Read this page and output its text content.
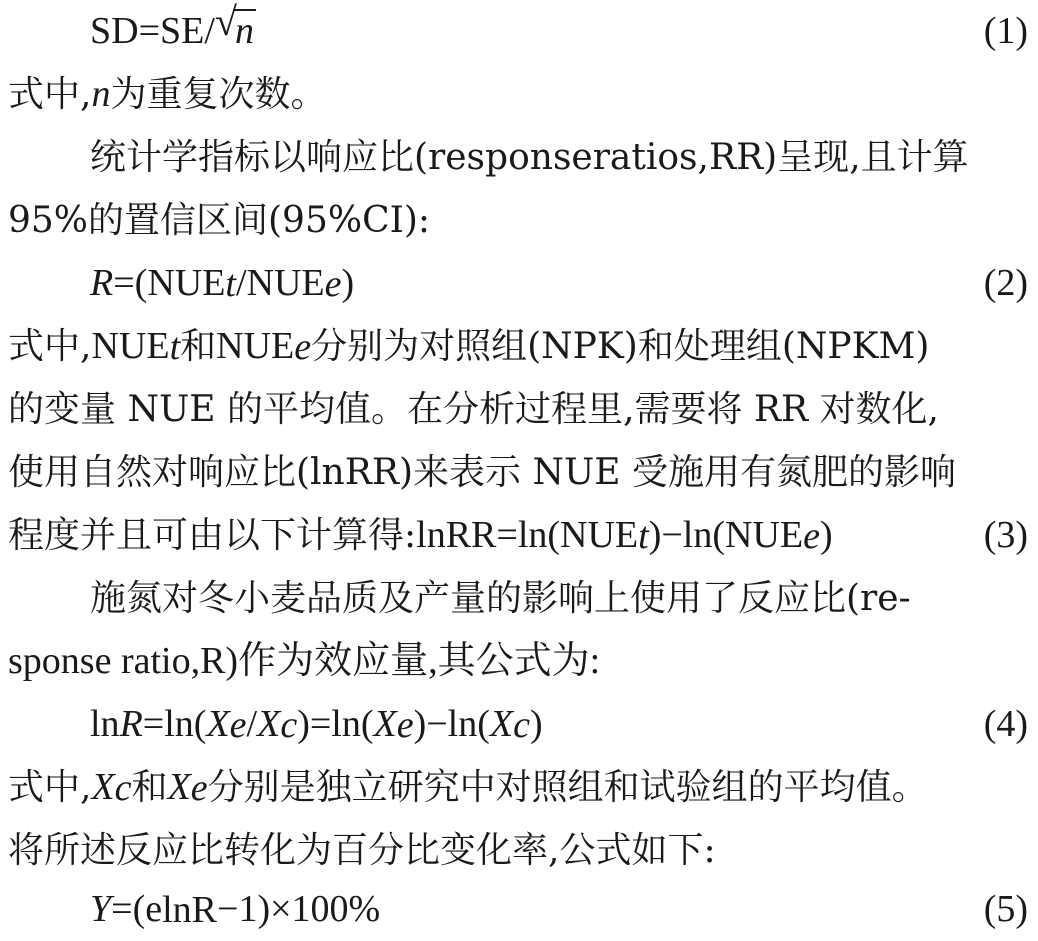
SD = SE / √
n	(1)
式中, n 为重复次数。
统计学指标以响应比(responseratios,RR)呈现,且计算
95%的置信区间(95%CI):
R = ( NUE t / NUE e )	(2)
式中, NUE t 和 NUE e 分别为对照组(NPK)和处理组(NPKM)
的变量 NUE 的平均值。在分析过程里,需要将 RR 对数化,
使用自然对响应比(lnRR)来表示 NUE 受施用有氮肥的影响
程度并且可由以下计算得: lnRR = ln( NUE t )−ln( NUE e )	(3)
施氮对冬小麦品质及产量的影响上使用了反应比(re-
sponse ratio,R)作为效应量,其公式为:
ln R = ln( X e / X c ) = ln( X e )−ln( X c )	(4)
式中, X c 和 X e 分别是独立研究中对照组和试验组的平均值。
将所述反应比转化为百分比变化率,公式如下:
Y = ( e lnR −1)×100%	(5)
